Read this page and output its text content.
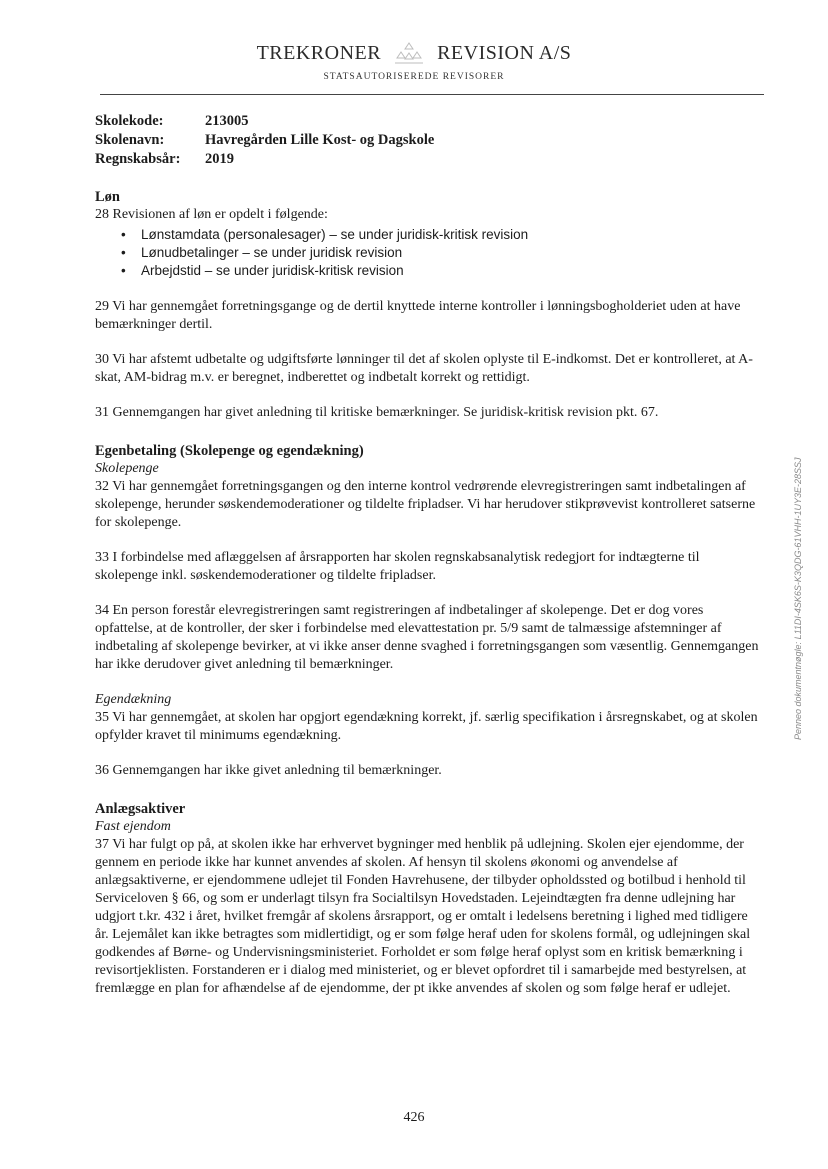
TREKRONER	REVISION A/S
STATSAUTORISEREDE REVISORER
Skolekode:	213005
Skolenavn:	Havregården Lille Kost- og Dagskole
Regnskabsår:	2019
Løn

28 Revisionen af løn er opdelt i følgende:

• Lønstamdata (personalesager) – se under juridisk-kritisk revision
• Lønudbetalinger – se under juridisk revision
• Arbejdstid – se under juridisk-kritisk revision

29 Vi har gennemgået forretningsgange og de dertil knyttede interne kontroller i lønningsbogholderiet uden at have bemærkninger dertil.

30 Vi har afstemt udbetalte og udgiftsførte lønninger til det af skolen oplyste til E-indkomst. Det er kontrolleret, at A-skat, AM-bidrag m.v. er beregnet, indberettet og indbetalt korrekt og rettidigt.

31 Gennemgangen har givet anledning til kritiske bemærkninger. Se juridisk-kritisk revision pkt. 67.

Egenbetaling (Skolepenge og egendækning)
Skolepenge

32 Vi har gennemgået forretningsgangen og den interne kontrol vedrørende elevregistreringen samt indbetalingen af skolepenge, herunder søskendemoderationer og tildelte fripladser. Vi har herudover stikprøvevist kontrolleret satserne for skolepenge.

33 I forbindelse med aflæggelsen af årsrapporten har skolen regnskabsanalytisk redegjort for indtægterne til skolepenge inkl. søskendemoderationer og tildelte fripladser.

34 En person forestår elevregistreringen samt registreringen af indbetalinger af skolepenge. Det er dog vores opfattelse, at de kontroller, der sker i forbindelse med elevattestation pr. 5/9 samt de talmæssige afstemninger af indbetaling af skolepenge bevirker, at vi ikke anser denne svaghed i forretningsgangen som væsentlig. Gennemgangen har ikke derudover givet anledning til bemærkninger.

Egendækning

35 Vi har gennemgået, at skolen har opgjort egendækning korrekt, jf. særlig specifikation i årsregnskabet, og at skolen opfylder kravet til minimums egendækning.

36 Gennemgangen har ikke givet anledning til bemærkninger.

Anlægsaktiver
Fast ejendom

37 Vi har fulgt op på, at skolen ikke har erhvervet bygninger med henblik på udlejning. Skolen ejer ejendomme, der gennem en periode ikke har kunnet anvendes af skolen. Af hensyn til skolens økonomi og anvendelse af anlægsaktiverne, er ejendommene udlejet til Fonden Havrehusene, der tilbyder opholdssted og botilbud i henhold til Serviceloven § 66, og som er underlagt tilsyn fra Socialtilsyn Hovedstaden. Lejeindtægten fra denne udlejning har udgjort t.kr. 432 i året, hvilket fremgår af skolens årsrapport, og er omtalt i ledelsens beretning i lighed med tidligere år. Lejemålet kan ikke betragtes som midlertidigt, og er som følge heraf uden for skolens formål, og udlejningen skal godkendes af Børne- og Undervisningsministeriet. Forholdet er som følge heraf oplyst som en kritisk bemærkning i revisortjeklisten. Forstanderen er i dialog med ministeriet, og er blevet opfordret til i samarbejde med bestyrelsen, at fremlægge en plan for afhændelse af de ejendomme, der pt ikke anvendes af skolen og som følge heraf er udlejet.

426
Penneo dokumentnøgle: L11DI-4SK6S-K3QDG-61VHH-1UY3E-28SSJ
